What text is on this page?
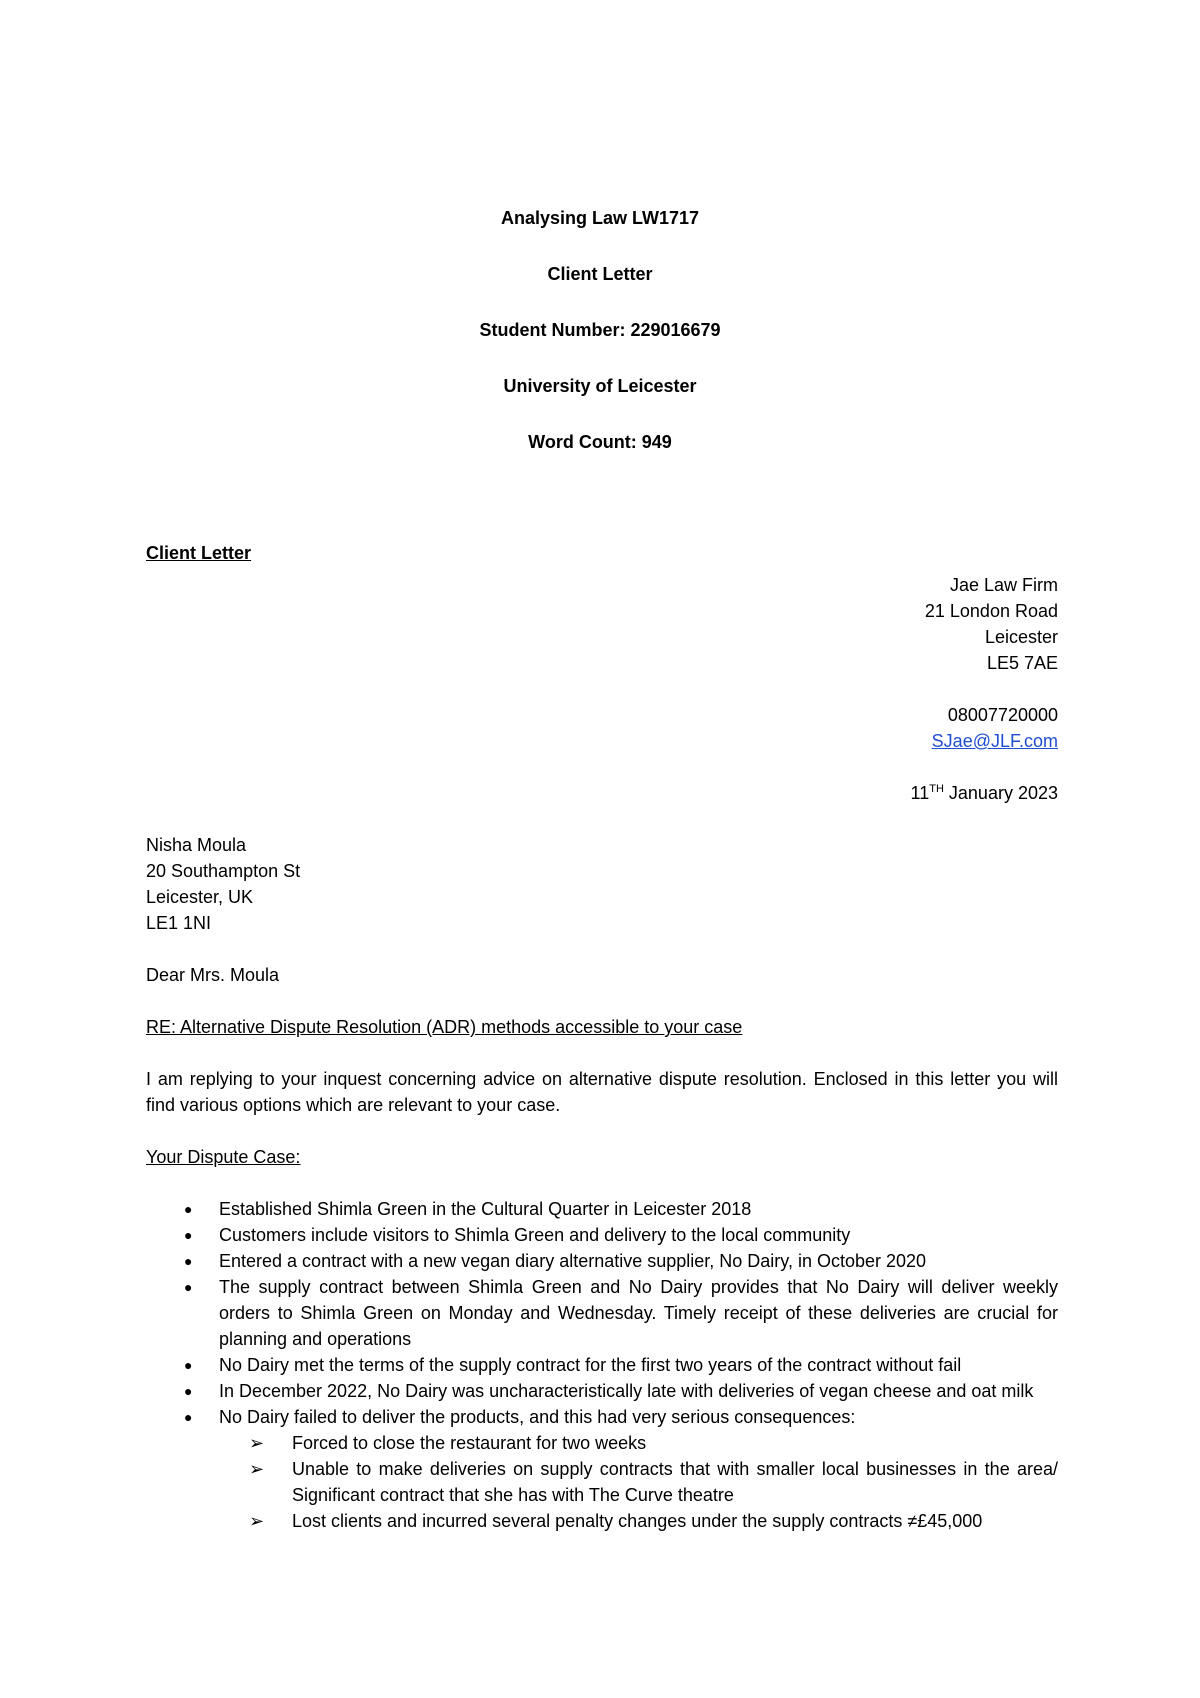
Analysing Law LW1717

Client Letter

Student Number: 229016679

University of Leicester

Word Count: 949

Client Letter

Jae Law Firm
21 London Road
Leicester
LE5 7AE
08007720000
SJae@JLF.com
11TH January 2023
Nisha Moula
20 Southampton St
Leicester, UK
LE1 1NI

Dear Mrs. Moula

RE: Alternative Dispute Resolution (ADR) methods accessible to your case

I am replying to your inquest concerning advice on alternative dispute resolution. Enclosed in this letter you will find various options which are relevant to your case.

Your Dispute Case:

● Established Shimla Green in the Cultural Quarter in Leicester 2018
● Customers include visitors to Shimla Green and delivery to the local community
● Entered a contract with a new vegan diary alternative supplier, No Dairy, in October 2020
● The supply contract between Shimla Green and No Dairy provides that No Dairy will deliver weekly orders to Shimla Green on Monday and Wednesday. Timely receipt of these deliveries are crucial for planning and operations
● No Dairy met the terms of the supply contract for the first two years of the contract without fail
● In December 2022, No Dairy was uncharacteristically late with deliveries of vegan cheese and oat milk
● No Dairy failed to deliver the products, and this had very serious consequences:
➢ Forced to close the restaurant for two weeks
➢ Unable to make deliveries on supply contracts that with smaller local businesses in the area/ Significant contract that she has with The Curve theatre
➢ Lost clients and incurred several penalty changes under the supply contracts ≠£45,000
